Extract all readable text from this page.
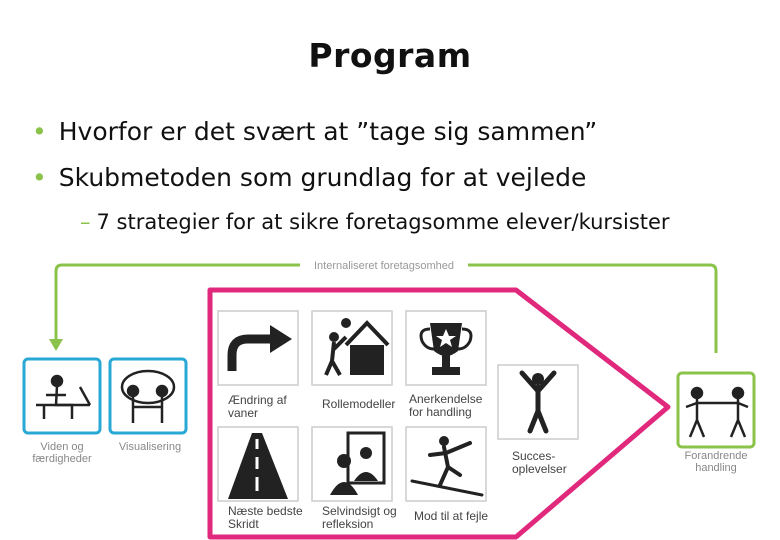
Program
• Hvorfor er det svært at ”tage sig sammen”
• Skubmetoden som grundlag for at vejlede
– 7 strategier for at sikre foretagsomme elever/kursister
Internaliseret foretagsomhed
Ændring af vaner
Rollemodeller	Anerkendelse for handling
Succes-oplevelser
Næste bedste Skridt
Selvindsigt og refleksion
Mod til at fejle
Viden og færdigheder
Visualisering
Forandrende handling
